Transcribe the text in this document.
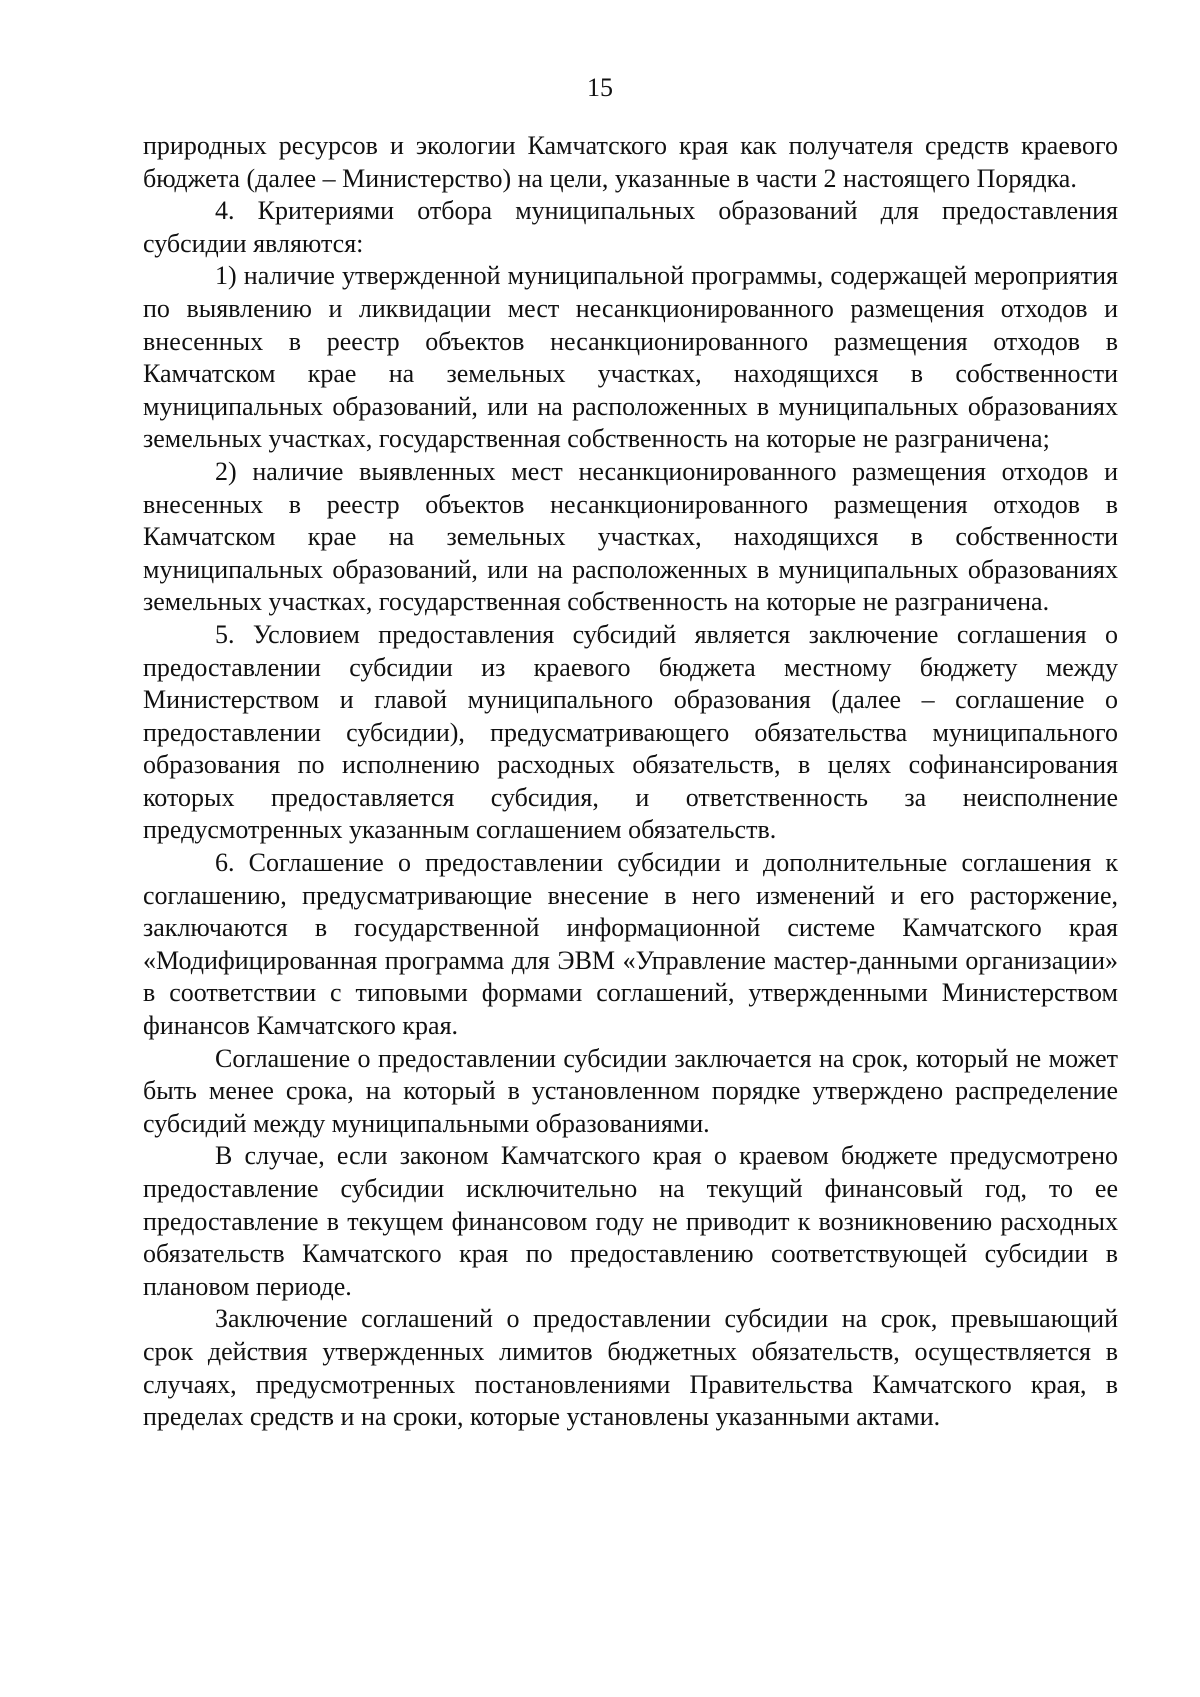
15

природных ресурсов и экологии Камчатского края как получателя средств краевого бюджета (далее – Министерство) на цели, указанные в части 2 настоящего Порядка.

4. Критериями отбора муниципальных образований для предоставления субсидии являются:

1) наличие утвержденной муниципальной программы, содержащей мероприятия по выявлению и ликвидации мест несанкционированного размещения отходов и внесенных в реестр объектов несанкционированного размещения отходов в Камчатском крае на земельных участках, находящихся в собственности муниципальных образований, или на расположенных в муниципальных образованиях земельных участках, государственная собственность на которые не разграничена;

2) наличие выявленных мест несанкционированного размещения отходов и внесенных в реестр объектов несанкционированного размещения отходов в Камчатском крае на земельных участках, находящихся в собственности муниципальных образований, или на расположенных в муниципальных образованиях земельных участках, государственная собственность на которые не разграничена.

5. Условием предоставления субсидий является заключение соглашения о предоставлении субсидии из краевого бюджета местному бюджету между Министерством и главой муниципального образования (далее – соглашение о предоставлении субсидии), предусматривающего обязательства муниципального образования по исполнению расходных обязательств, в целях софинансирования которых предоставляется субсидия, и ответственность за неисполнение предусмотренных указанным соглашением обязательств.

6. Соглашение о предоставлении субсидии и дополнительные соглашения к соглашению, предусматривающие внесение в него изменений и его расторжение, заключаются в государственной информационной системе Камчатского края «Модифицированная программа для ЭВМ «Управление мастер-данными организации» в соответствии с типовыми формами соглашений, утвержденными Министерством финансов Камчатского края.

Соглашение о предоставлении субсидии заключается на срок, который не может быть менее срока, на который в установленном порядке утверждено распределение субсидий между муниципальными образованиями.

В случае, если законом Камчатского края о краевом бюджете предусмотрено предоставление субсидии исключительно на текущий финансовый год, то ее предоставление в текущем финансовом году не приводит к возникновению расходных обязательств Камчатского края по предоставлению соответствующей субсидии в плановом периоде.

Заключение соглашений о предоставлении субсидии на срок, превышающий срок действия утвержденных лимитов бюджетных обязательств, осуществляется в случаях, предусмотренных постановлениями Правительства Камчатского края, в пределах средств и на сроки, которые установлены указанными актами.
